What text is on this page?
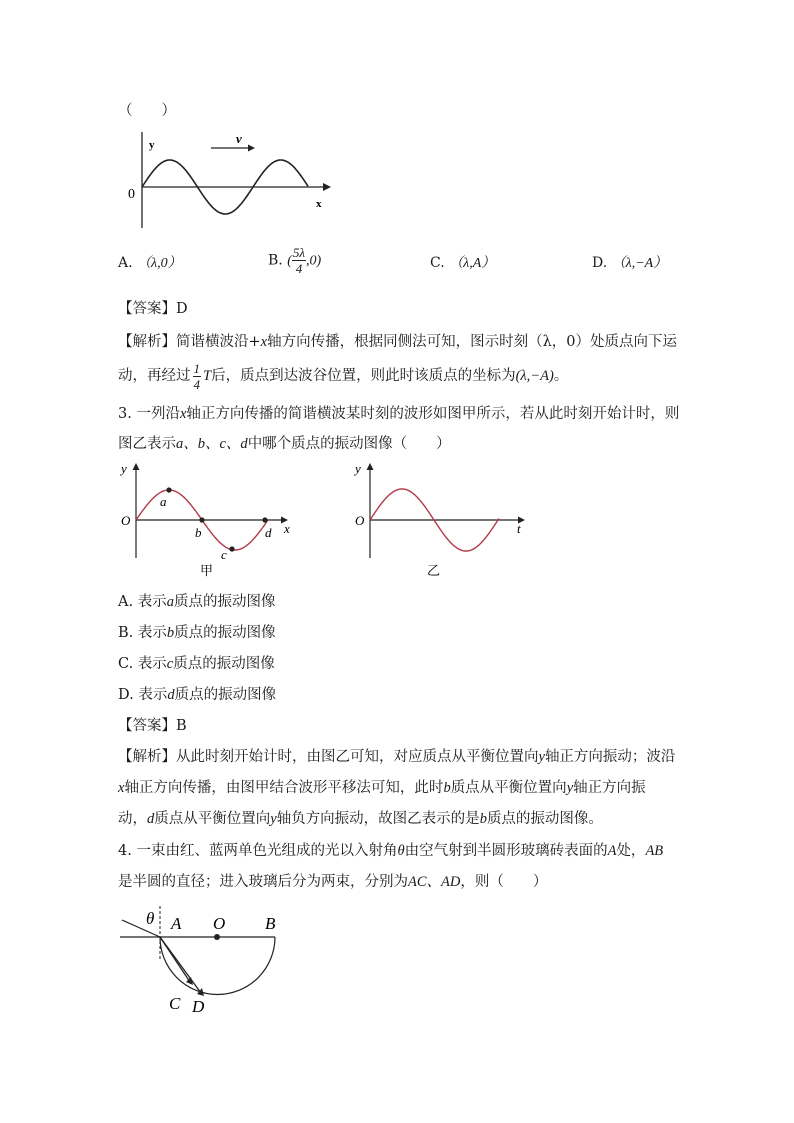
（　　）
v
y
x
0
A. （λ,0）	B. ( $\frac{5\lambda}{4} ,0$)	C. （λ,A）	D. （λ,−A）
【答案】D
【解析】简谐横波沿+x轴方向传播，根据同侧法可知，图示时刻（λ，0）处质点向下运
动，再经过 $\frac{1}{4}$ T 后，质点到达波谷位置，则此时该质点的坐标为 (λ,−A) 。
3. 一列沿x轴正方向传播的简谐横波某时刻的波形如图甲所示，若从此时刻开始计时，则
图乙表示a、b、c、d中哪个质点的振动图像（　　）
a
b
c
d
y
x
O
甲
y
t
O
乙
A. 表示a质点的振动图像
B. 表示b质点的振动图像
C. 表示c质点的振动图像
D. 表示d质点的振动图像
【答案】B
【解析】从此时刻开始计时，由图乙可知，对应质点从平衡位置向y轴正方向振动；波沿
x轴正方向传播，由图甲结合波形平移法可知，此时b质点从平衡位置向y轴正方向振
动，d质点从平衡位置向y轴负方向振动，故图乙表示的是b质点的振动图像。
4. 一束由红、蓝两单色光组成的光以入射角θ由空气射到半圆形玻璃砖表面的A处，AB
是半圆的直径；进入玻璃后分为两束，分别为AC、AD，则（　　）
θ A O B
C D
